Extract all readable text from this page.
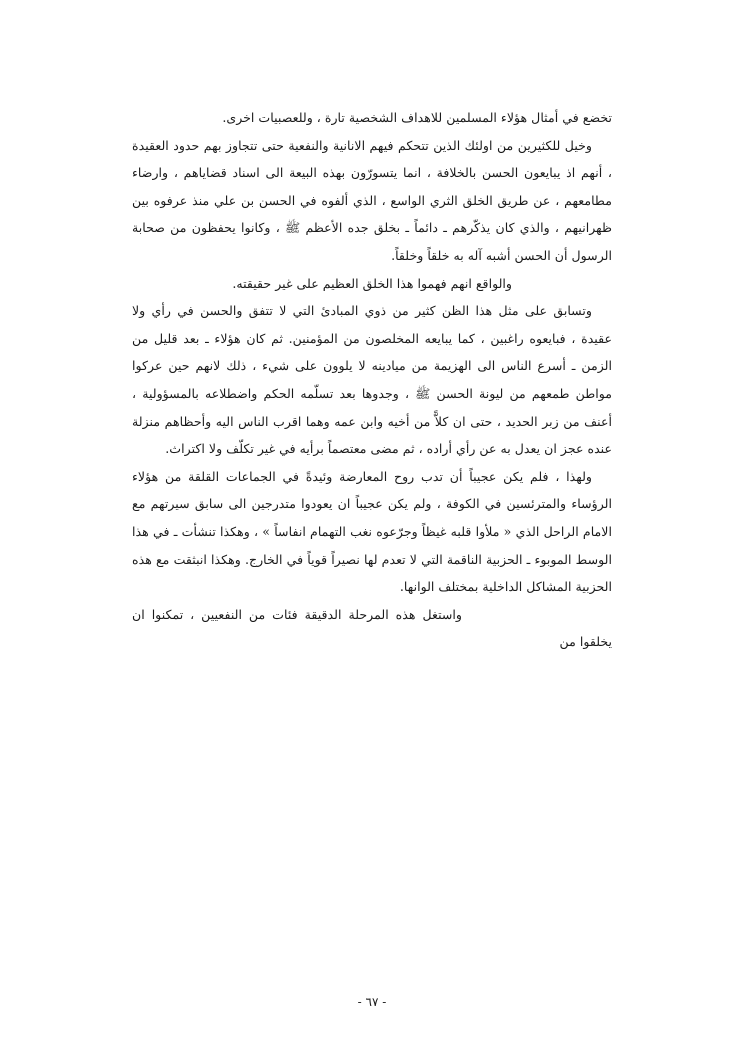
تخضع في أمثال هؤلاء المسلمين للاهداف الشخصية تارة ، وللعصبيات اخرى.

وخيل للكثيرين من اولئك الذين تتحكم فيهم الانانية والنفعية حتى تتجاوز بهم حدود العقيدة ، أنهم اذ يبايعون الحسن بالخلافة ، انما يتسورّون بهذه البيعة الى اسناد قضاياهم ، وارضاء مطامعهم ، عن طريق الخلق الثري الواسع ، الذي ألفوه في الحسن بن علي منذ عرفوه بين ظهرانيهم ، والذي كان يذكّرهم ـ دائماً ـ بخلق جده الأعظم ﷺ ، وكانوا يحفظون من صحابة الرسول أن الحسن أشبه آله به خلقاً وخلقاً.

والواقع انهم فهموا هذا الخلق العظيم على غير حقيقته.

وتسابق على مثل هذا الظن كثير من ذوي المبادئ التي لا تتفق والحسن في رأي ولا عقيدة ، فبايعوه راغبين ، كما يبايعه المخلصون من المؤمنين. ثم كان هؤلاء ـ بعد قليل من الزمن ـ أسرع الناس الى الهزيمة من ميادينه لا يلوون على شيء ، ذلك لانهم حين عركوا مواطن طمعهم من ليونة الحسن ﷺ ، وجدوها بعد تسلّمه الحكم واضطلاعه بالمسؤولية ، أعنف من زبر الحديد ، حتى ان كلاًّ من أخيه وابن عمه وهما اقرب الناس اليه وأحظاهم منزلة عنده عجز ان يعدل به عن رأي أراده ، ثم مضى معتصماً برأيه في غير تكلّف ولا اكتراث.

ولهذا ، فلم يكن عجيباً أن تدب روح المعارضة وئيدةً في الجماعات القلقة من هؤلاء الرؤساء والمترئسين في الكوفة ، ولم يكن عجيباً ان يعودوا متدرجين الى سابق سيرتهم مع الامام الراحل الذي « ملأوا قلبه غيظاً وجرّعوه نغب التهمام انفاساً » ، وهكذا تنشأت ـ في هذا الوسط الموبوء ـ الحزبية الناقمة التي لا تعدم لها نصيراً قوياً في الخارج. وهكذا انبثقت مع هذه الحزبية المشاكل الداخلية بمختلف الوانها.

واستغل هذه المرحلة الدقيقة فئات من النفعيين ، تمكنوا ان يخلقوا من

- ٦٧ -
